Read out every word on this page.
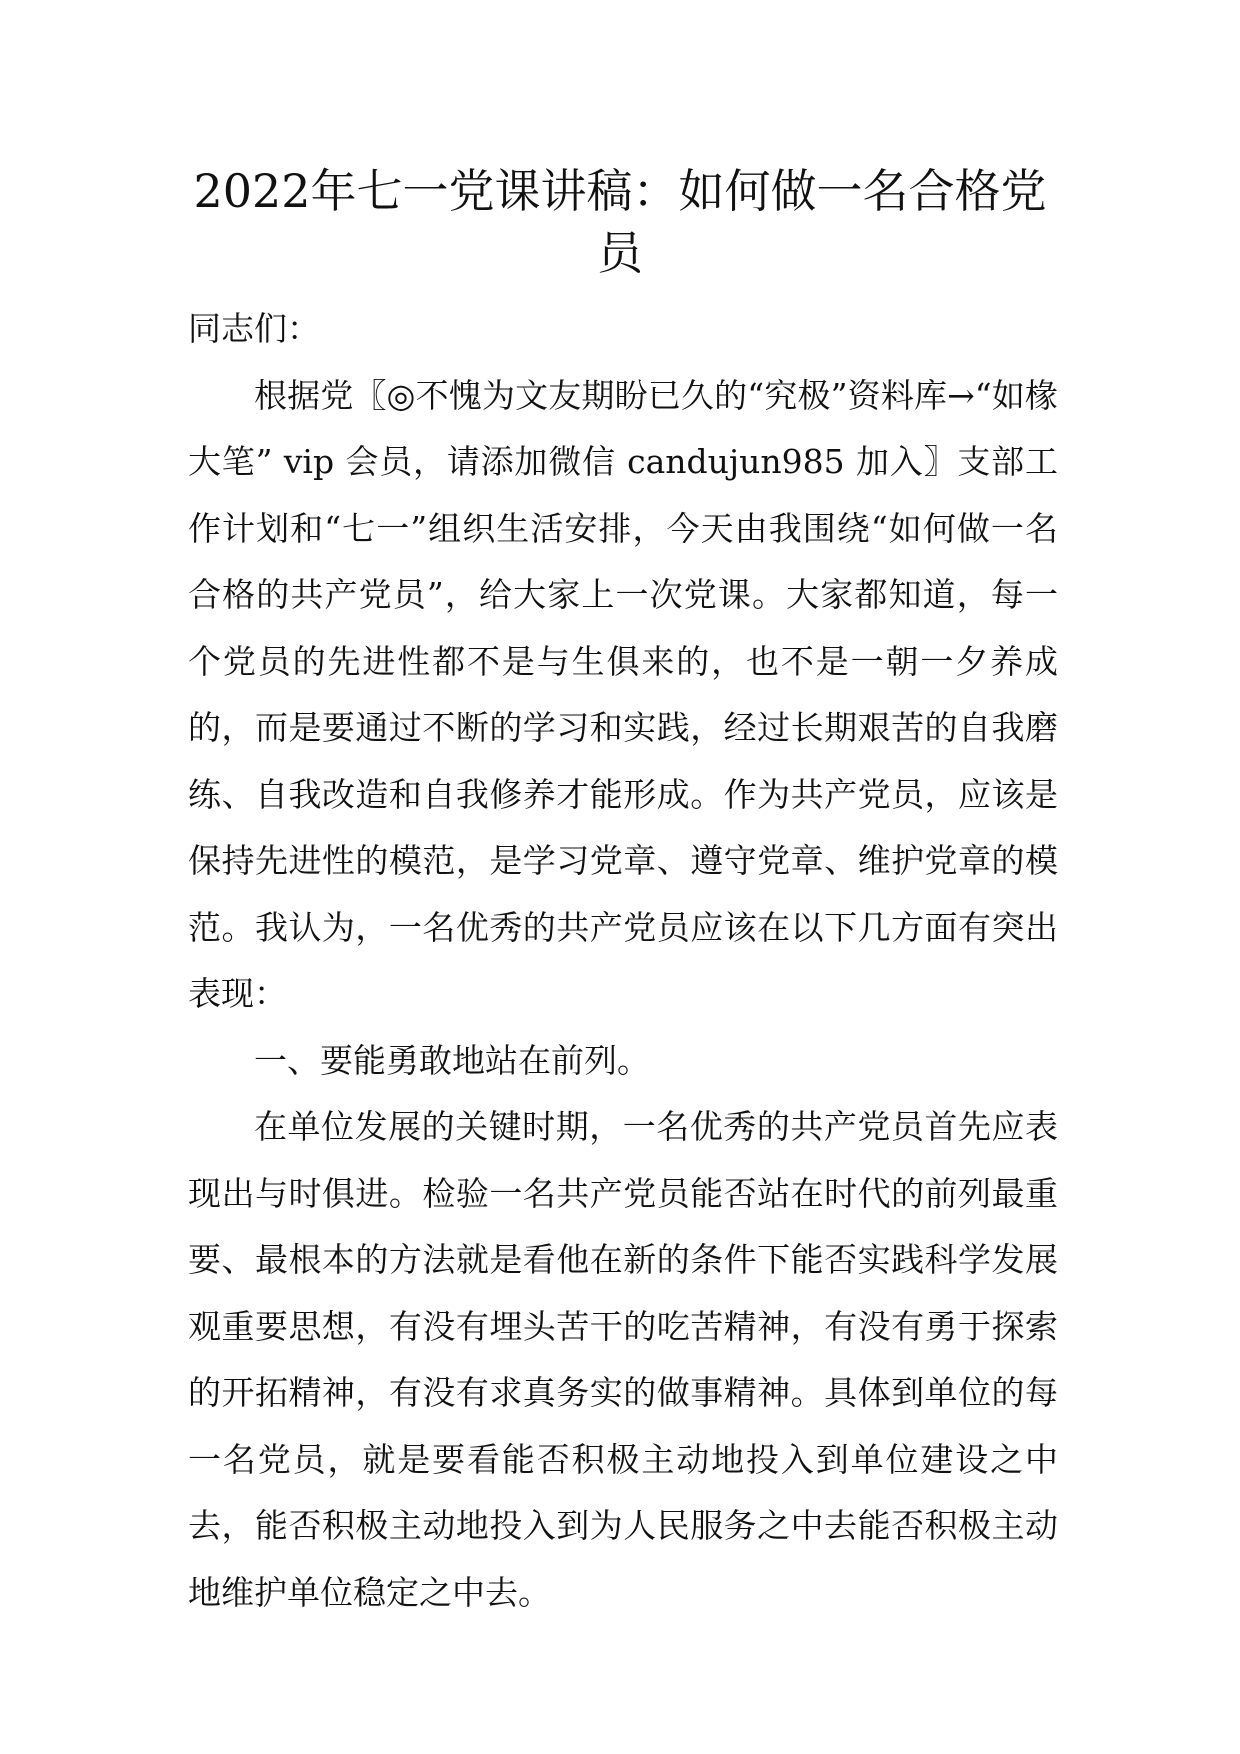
2022年七一党课讲稿：如何做一名合格党员

同志们：

根据党〖◎不愧为文友期盼已久的“究极”资料库→“如椽大笔” vip 会员，请添加微信 candujun985 加入〗支部工作计划和“七一”组织生活安排，今天由我围绕“如何做一名合格的共产党员”，给大家上一次党课。大家都知道，每一个党员的先进性都不是与生俱来的，也不是一朝一夕养成的，而是要通过不断的学习和实践，经过长期艰苦的自我磨练、自我改造和自我修养才能形成。作为共产党员，应该是保持先进性的模范，是学习党章、遵守党章、维护党章的模范。我认为，一名优秀的共产党员应该在以下几方面有突出表现：

一、要能勇敢地站在前列。

在单位发展的关键时期，一名优秀的共产党员首先应表现出与时俱进。检验一名共产党员能否站在时代的前列最重要、最根本的方法就是看他在新的条件下能否实践科学发展观重要思想，有没有埋头苦干的吃苦精神，有没有勇于探索的开拓精神，有没有求真务实的做事精神。具体到单位的每一名党员，就是要看能否积极主动地投入到单位建设之中去，能否积极主动地投入到为人民服务之中去能否积极主动地维护单位稳定之中去。
